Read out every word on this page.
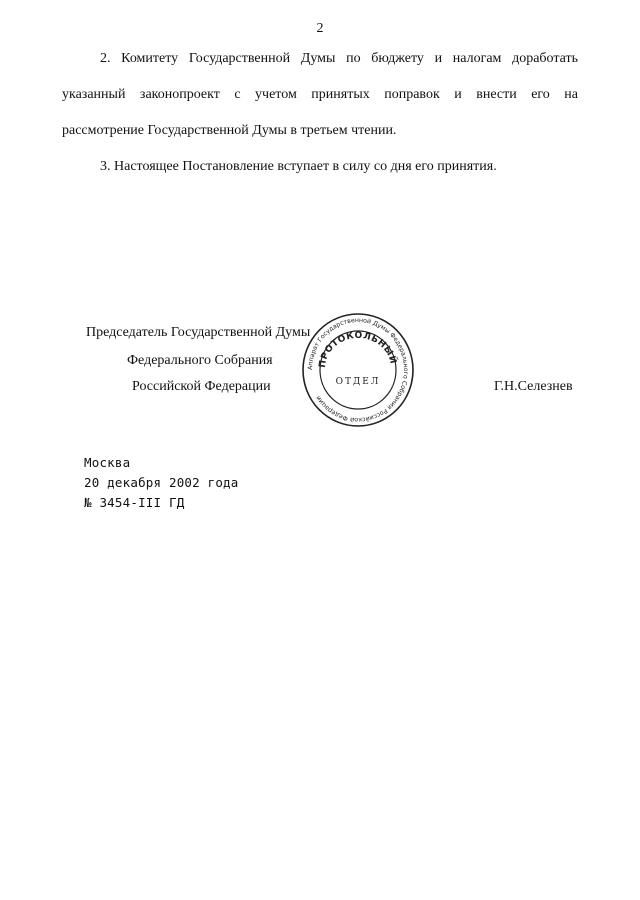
2
2. Комитету Государственной Думы по бюджету и налогам доработать
указанный законопроект с учетом принятых поправок и внести его на
рассмотрение Государственной Думы в третьем чтении.
3. Настоящее Постановление вступает в силу со дня его принятия.
Председатель Государственной Думы
Федерального Собрания
Российской Федерации	Г.Н.Селезнев
Аппарат Государственной Думы Федерального Собрания Российской Федерации
ПРОТОКОЛЬНЫЙ
ОТДЕЛ
Москва
20 декабря 2002 года
№ 3454-III ГД
